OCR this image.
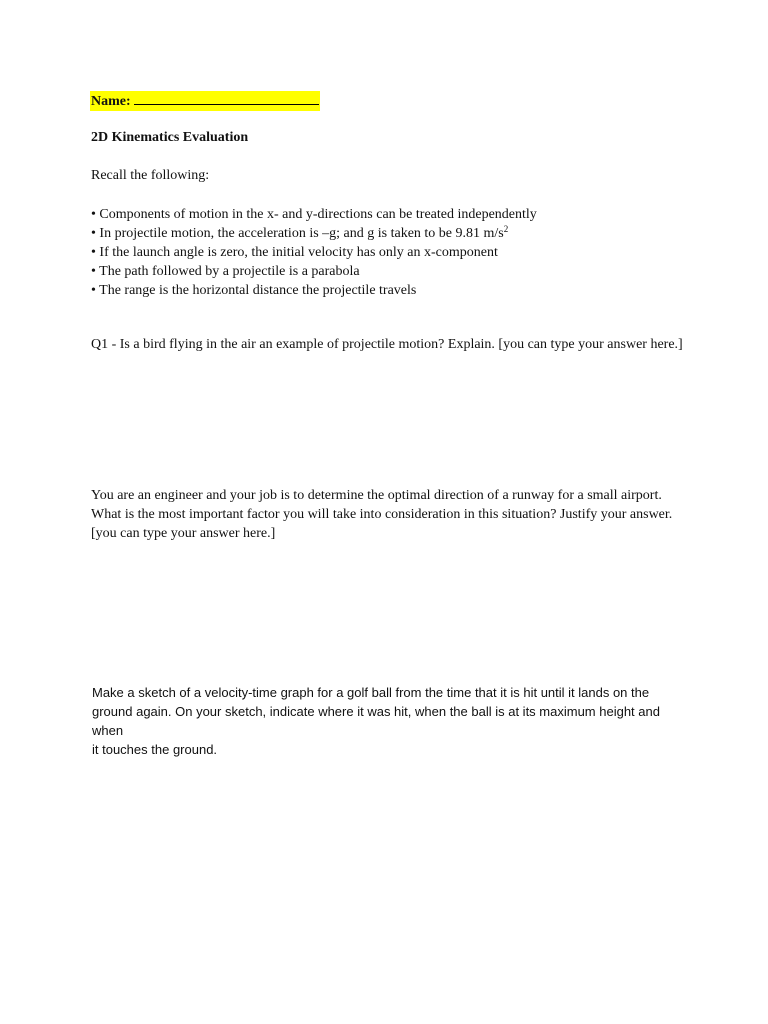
Name:
2D Kinematics Evaluation
Recall the following:
• Components of motion in the x- and y-directions can be treated independently
• In projectile motion, the acceleration is –g; and g is taken to be 9.81 $m/s^2$
• If the launch angle is zero, the initial velocity has only an x-component
• The path followed by a projectile is a parabola
• The range is the horizontal distance the projectile travels
Q1 - Is a bird flying in the air an example of projectile motion? Explain. [you can type your answer here.]
You are an engineer and your job is to determine the optimal direction of a runway for a small airport.
What is the most important factor you will take into consideration in this situation? Justify your answer.
[you can type your answer here.]
Make a sketch of a velocity-time graph for a golf ball from the time that it is hit until it lands on the
ground again. On your sketch, indicate where it was hit, when the ball is at its maximum height and when
it touches the ground.
